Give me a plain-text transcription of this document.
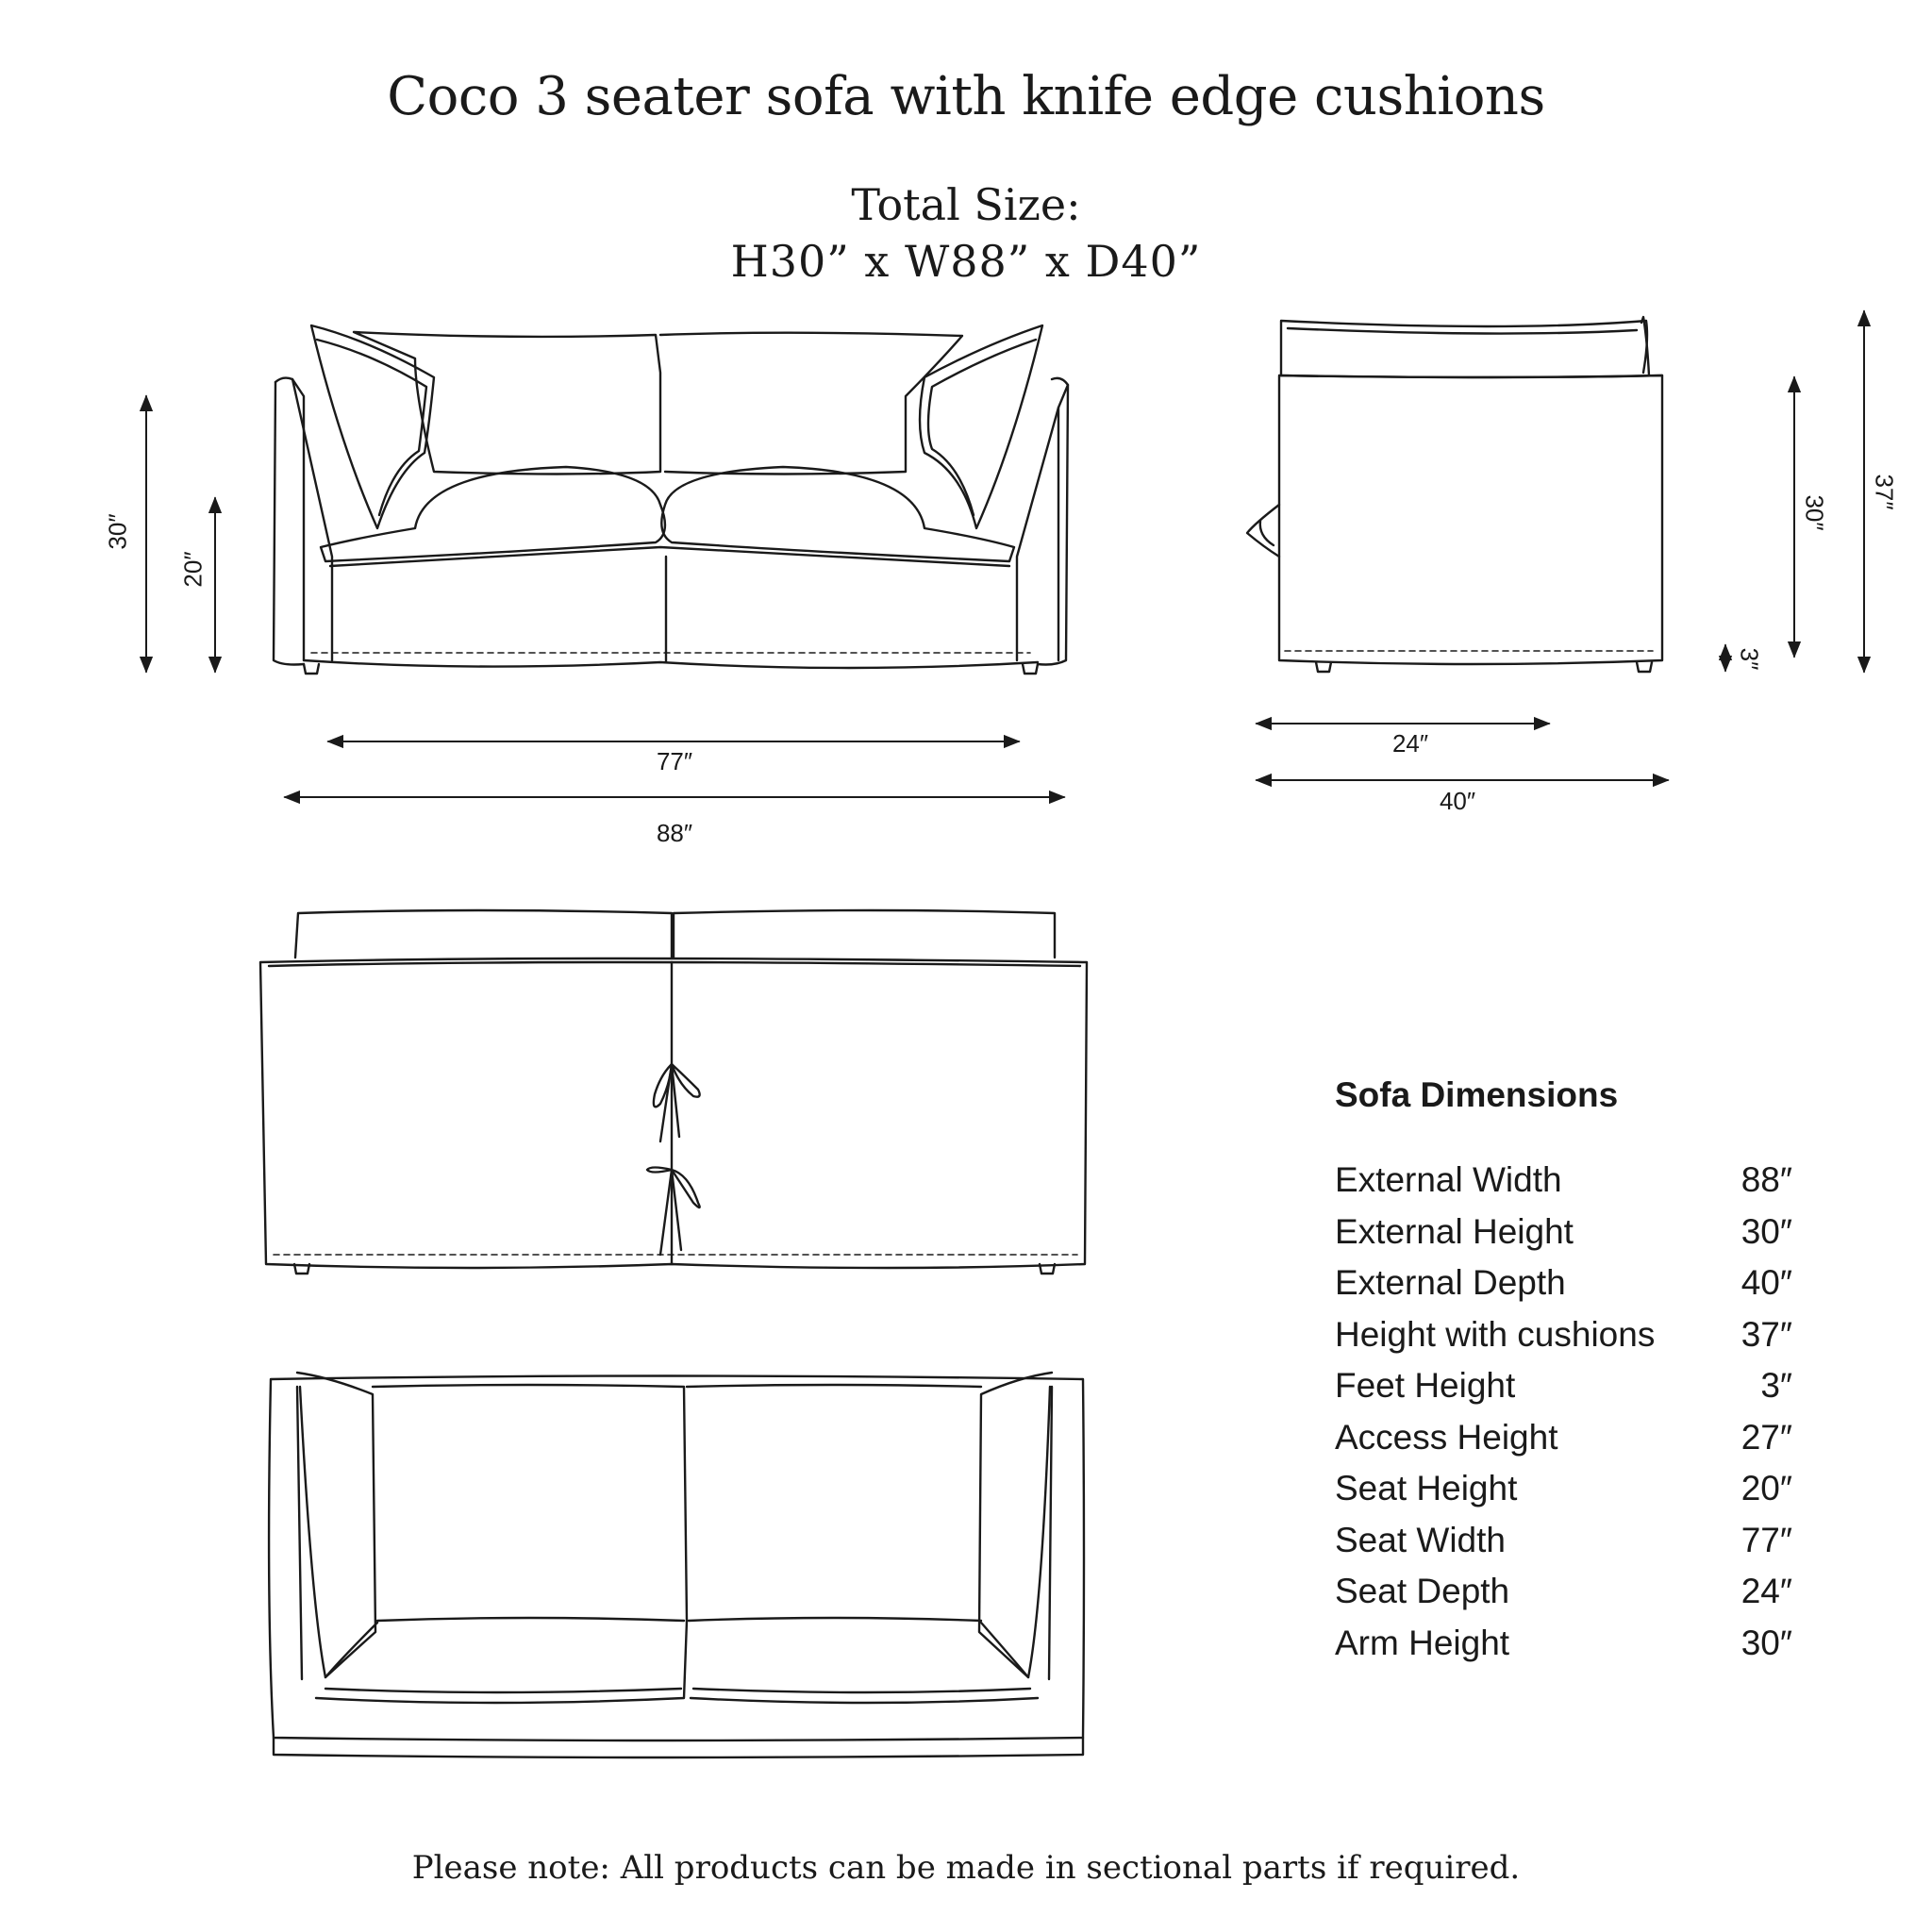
Coco 3 seater sofa with knife edge cushions
Total Size:
H30” x W88” x D40”
30″
20″
77″
88″
24″
40″
30″
37″
3″
Sofa Dimensions
External Width	88″
External Height	30″
External Depth	40″
Height with cushions 37″
Feet Height	3″
Access Height	27″
Seat Height	20″
Seat Width	77″
Seat Depth	24″
Arm Height	30″
Please note: All products can be made in sectional parts if required.
